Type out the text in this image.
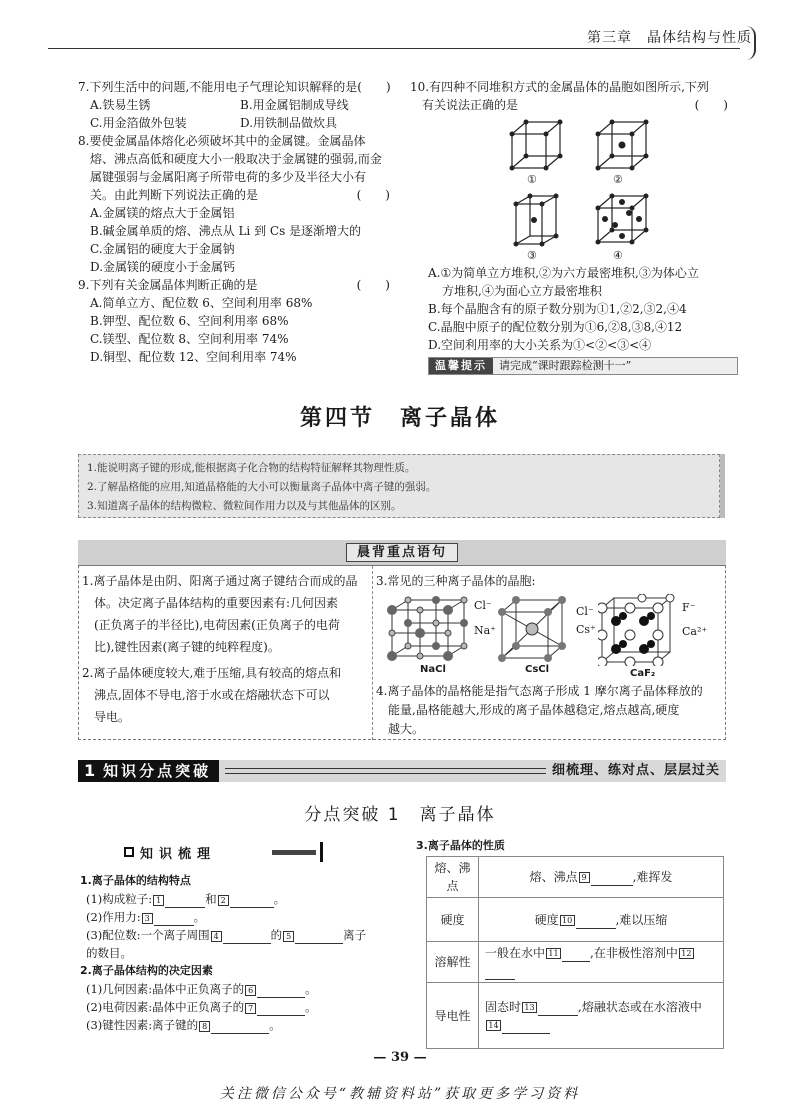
第三章　晶体结构与性质

7.下列生活中的问题,不能用电子气理论知识解释的是(　　)

A.铁易生锈	B.用金属铝制成导线

C.用金箔做外包装	D.用铁制品做炊具

8.要使金属晶体熔化必须破坏其中的金属键。金属晶体

熔、沸点高低和硬度大小一般取决于金属键的强弱,而金

属键强弱与金属阳离子所带电荷的多少及半径大小有

关。由此判断下列说法正确的是	(　　)

A.金属镁的熔点大于金属铝

B.碱金属单质的熔、沸点从 Li 到 Cs 是逐渐增大的

C.金属铝的硬度大于金属钠

D.金属镁的硬度小于金属钙

9.下列有关金属晶体判断正确的是	(　　)

A.简单立方、配位数 6、空间利用率 68%

B.钾型、配位数 6、空间利用率 68%

C.镁型、配位数 8、空间利用率 74%

D.铜型、配位数 12、空间利用率 74%

10.有四种不同堆积方式的金属晶体的晶胞如图所示,下列

有关说法正确的是	(　　)

①	②
③	④

A.①为简单立方堆积,②为六方最密堆积,③为体心立

方堆积,④为面心立方最密堆积

B.每个晶胞含有的原子数分别为①1,②2,③2,④4

C.晶胞中原子的配位数分别为①6,②8,③8,④12

D.空间利用率的大小关系为①<②<③<④

温馨提示	请完成“课时跟踪检测十一”
第四节　离子晶体
1.能说明离子键的形成,能根据离子化合物的结构特征解释其物理性质。
2.了解晶格能的应用,知道晶格能的大小可以衡量离子晶体中离子键的强弱。
3.知道离子晶体的结构微粒、微粒间作用力以及与其他晶体的区别。
晨背重点语句

1.离子晶体是由阴、阳离子通过离子键结合而成的晶

体。决定离子晶体结构的重要因素有:几何因素

(正负离子的半径比),电荷因素(正负离子的电荷

比),键性因素(离子键的纯粹程度)。

2.离子晶体硬度较大,难于压缩,具有较高的熔点和

沸点,固体不导电,溶于水或在熔融状态下可以

导电。

3.常见的三种离子晶体的晶胞:

Cl⁻
Na⁺
NaCl
Cl⁻
Cs⁺
CsCl
F⁻
Ca²⁺
CaF₂

4.离子晶体的晶格能是指气态离子形成 1 摩尔离子晶体释放的

能量,晶格能越大,形成的离子晶体越稳定,熔点越高,硬度

越大。

1 知识分点突破	细梳理、练对点、层层过关
分点突破 1　离子晶体
知识梳理

1.离子晶体的结构特点

(1)构成粒子: 1	和 2	。

(2)作用力: 3	。

(3)配位数:一个离子周围 4	的 5	离子

的数目。

2.离子晶体结构的决定因素

(1)几何因素:晶体中正负离子的 6	。

(2)电荷因素:晶体中正负离子的 7	。

(3)键性因素:离子键的 8	。

3.离子晶体的性质
熔、沸点	熔、沸点 9 ,难挥发
硬度	硬度 10 ,难以压缩
溶解性	一般在水中 11 ,在非极性溶剂中 12
导电性	固态时 13 ,熔融状态或在水溶液中
14
— 39 —
关注微信公众号“教辅资料站”获取更多学习资料
